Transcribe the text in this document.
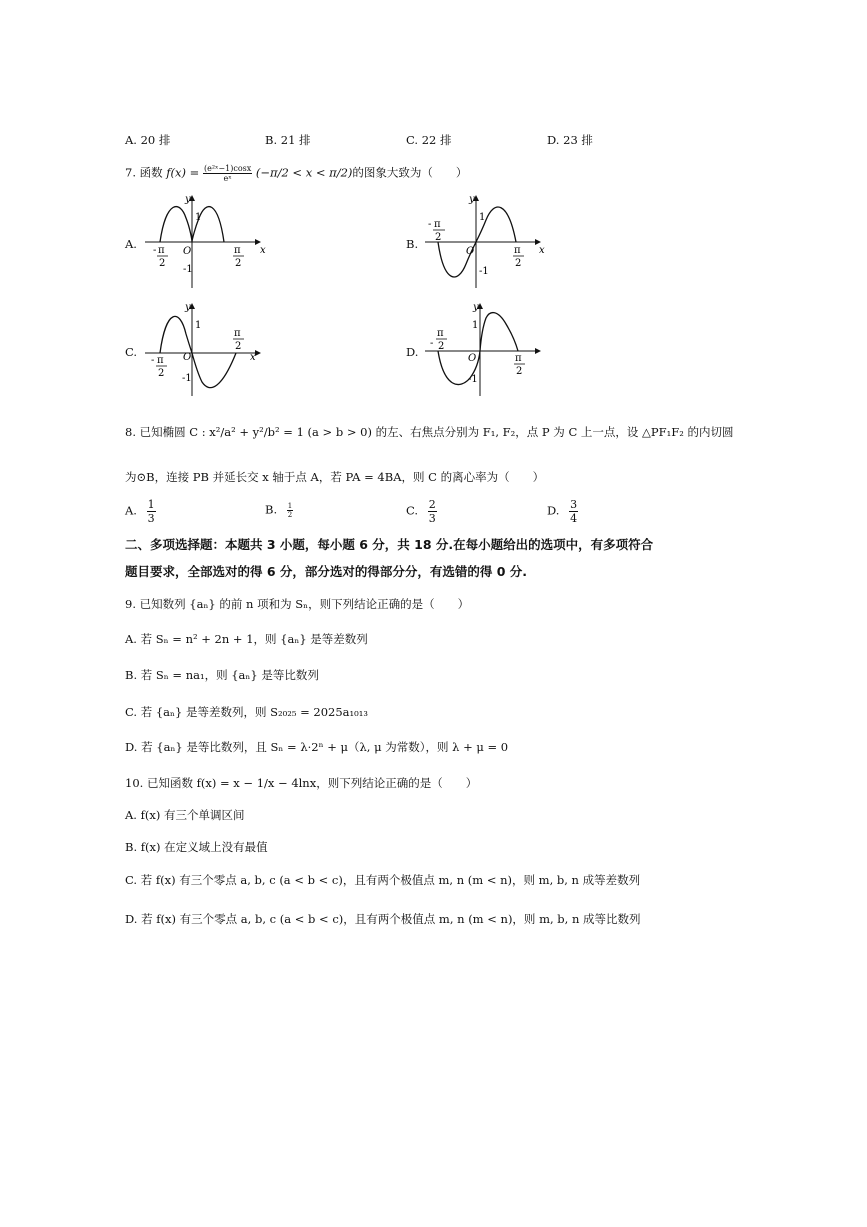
A. 20 排	B. 21 排	C. 22 排	D. 23 排
7. 函数 $f(x) = \frac{\text{(e²ˣ−1)cosx}}{\text{eˣ}} (-\pi/2 < x < \pi/2)$的图象大致为（　　）
A.	B.
C.	D.
y
x
O
1
-1
- π
2
π
2
y
x
O
1
-1
- π
2
π
2
y
x
O
1
-1
- π
2
π
2
y
O
1
-1
-
π
2
π
2
8. 已知椭圆 C : x²/a² + y²/b² = 1 (a > b > 0) 的左、右焦点分别为 F₁, F₂，点 P 为 C 上一点，设 △PF₁F₂ 的内切圆
为⊙B，连接 PB 并延长交 x 轴于点 A，若 PA = 4BA，则 C 的离心率为（　　）
A. $\frac{1}{3}$	B. $\frac{1}{2}$	C. $\frac{2}{3}$	D. $\frac{3}{4}$
二、多项选择题：本题共 3 小题，每小题 6 分，共 18 分.在每小题给出的选项中，有多项符合
题目要求，全部选对的得 6 分，部分选对的得部分分，有选错的得 0 分.
9. 已知数列 {aₙ} 的前 n 项和为 Sₙ，则下列结论正确的是（　　）
A. 若 Sₙ = n² + 2n + 1，则 {aₙ} 是等差数列
B. 若 Sₙ = na₁，则 {aₙ} 是等比数列
C. 若 {aₙ} 是等差数列，则 S₂₀₂₅ = 2025a₁₀₁₃
D. 若 {aₙ} 是等比数列，且 Sₙ = λ·2ⁿ + μ（λ, μ 为常数），则 λ + μ = 0
10. 已知函数 f(x) = x − 1/x − 4lnx，则下列结论正确的是（　　）
A. f(x) 有三个单调区间
B. f(x) 在定义域上没有最值
C. 若 f(x) 有三个零点 a, b, c (a < b < c)，且有两个极值点 m, n (m < n)，则 m, b, n 成等差数列
D. 若 f(x) 有三个零点 a, b, c (a < b < c)，且有两个极值点 m, n (m < n)，则 m, b, n 成等比数列
